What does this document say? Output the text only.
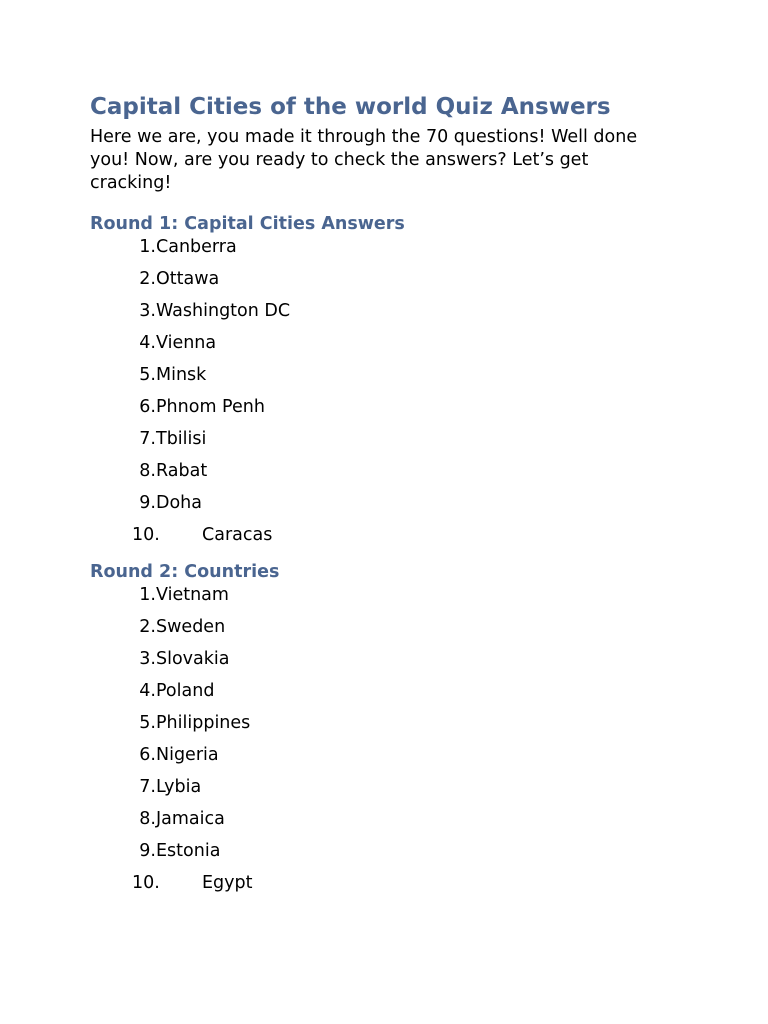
Capital Cities of the world Quiz Answers

Here we are, you made it through the 70 questions! Well done you! Now, are you ready to check the answers? Let’s get cracking!

Round 1: Capital Cities Answers
1. Canberra
2. Ottawa
3. Washington DC
4. Vienna
5. Minsk
6. Phnom Penh
7. Tbilisi
8. Rabat
9. Doha
10.	Caracas
Round 2: Countries
1. Vietnam
2. Sweden
3. Slovakia
4. Poland
5. Philippines
6. Nigeria
7. Lybia
8. Jamaica
9. Estonia
10.	Egypt
